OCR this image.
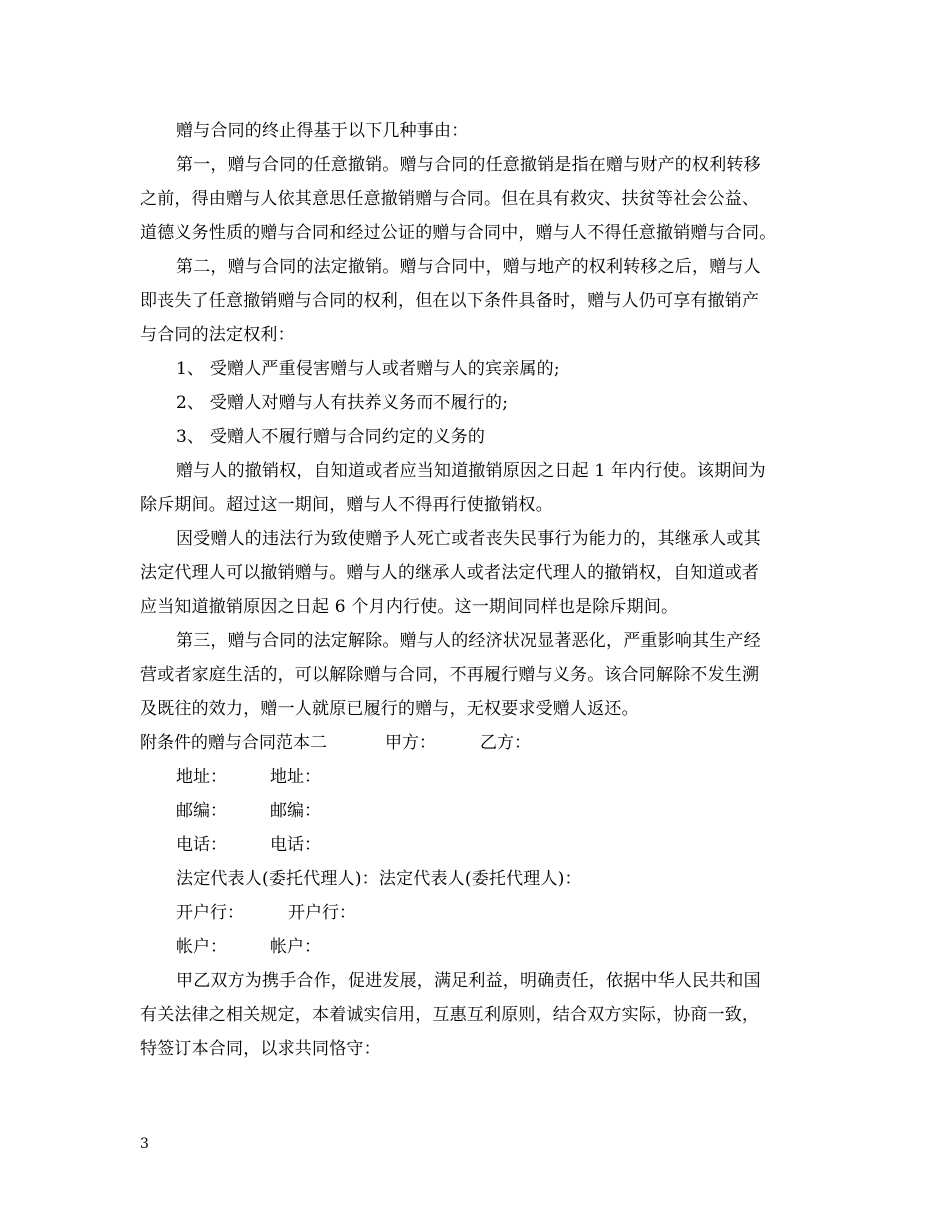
赠与合同的终止得基于以下几种事由：
第一，赠与合同的任意撤销。赠与合同的任意撤销是指在赠与财产的权利转移
之前，得由赠与人依其意思任意撤销赠与合同。但在具有救灾、扶贫等社会公益、
道德义务性质的赠与合同和经过公证的赠与合同中，赠与人不得任意撤销赠与合同。
第二，赠与合同的法定撤销。赠与合同中，赠与地产的权利转移之后，赠与人
即丧失了任意撤销赠与合同的权利，但在以下条件具备时，赠与人仍可享有撤销产
与合同的法定权利：
1、 受赠人严重侵害赠与人或者赠与人的宾亲属的;
2、 受赠人对赠与人有扶养义务而不履行的;
3、 受赠人不履行赠与合同约定的义务的
赠与人的撤销权，自知道或者应当知道撤销原因之日起 1 年内行使。该期间为
除斥期间。超过这一期间，赠与人不得再行使撤销权。
因受赠人的违法行为致使赠予人死亡或者丧失民事行为能力的，其继承人或其
法定代理人可以撤销赠与。赠与人的继承人或者法定代理人的撤销权，自知道或者
应当知道撤销原因之日起 6 个月内行使。这一期间同样也是除斥期间。
第三，赠与合同的法定解除。赠与人的经济状况显著恶化，严重影响其生产经
营或者家庭生活的，可以解除赠与合同，不再履行赠与义务。该合同解除不发生溯
及既往的效力，赠一人就原已履行的赠与，无权要求受赠人返还。
附条件的赠与合同范本二	甲方：	乙方：
地址：	地址：
邮编：	邮编：
电话：	电话：
法定代表人(委托代理人)：法定代表人(委托代理人)：
开户行：	开户行：
帐户：	帐户：
甲乙双方为携手合作，促进发展，满足利益，明确责任，依据中华人民共和国
有关法律之相关规定，本着诚实信用，互惠互利原则，结合双方实际，协商一致，
特签订本合同，以求共同恪守：
3
